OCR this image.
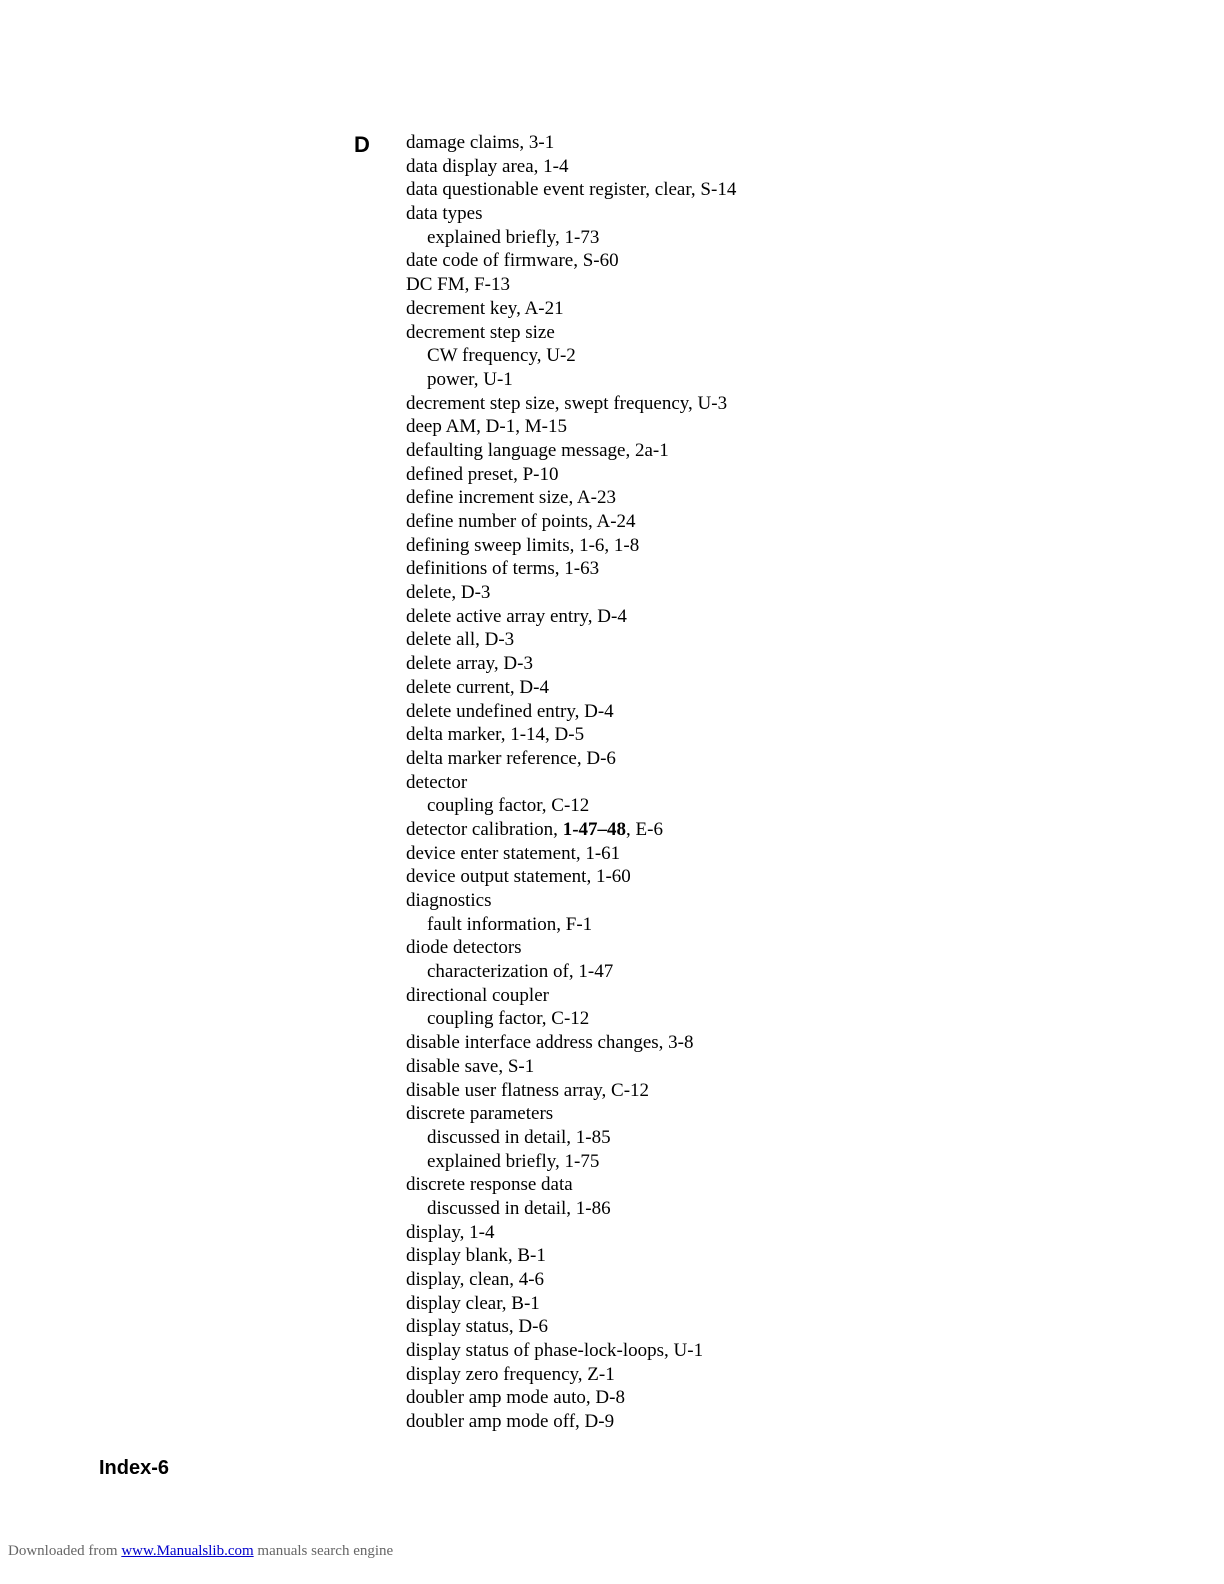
D damage claims, 3-1
data display area, 1-4
data questionable event register, clear, S-14
data types
explained briefly, 1-73
date code of firmware, S-60
DC FM, F-13
decrement key, A-21
decrement step size
CW frequency, U-2
power, U-1
decrement step size, swept frequency, U-3
deep AM, D-1, M-15
defaulting language message, 2a-1
defined preset, P-10
define increment size, A-23
define number of points, A-24
defining sweep limits, 1-6, 1-8
definitions of terms, 1-63
delete, D-3
delete active array entry, D-4
delete all, D-3
delete array, D-3
delete current, D-4
delete undefined entry, D-4
delta marker, 1-14, D-5
delta marker reference, D-6
detector
coupling factor, C-12
detector calibration, 1-47–48, E-6
device enter statement, 1-61
device output statement, 1-60
diagnostics
fault information, F-1
diode detectors
characterization of, 1-47
directional coupler
coupling factor, C-12
disable interface address changes, 3-8
disable save, S-1
disable user flatness array, C-12
discrete parameters
discussed in detail, 1-85
explained briefly, 1-75
discrete response data
discussed in detail, 1-86
display, 1-4
display blank, B-1
display, clean, 4-6
display clear, B-1
display status, D-6
display status of phase-lock-loops, U-1
display zero frequency, Z-1
doubler amp mode auto, D-8
doubler amp mode off, D-9
Index-6
Downloaded from www.Manualslib.com manuals search engine
